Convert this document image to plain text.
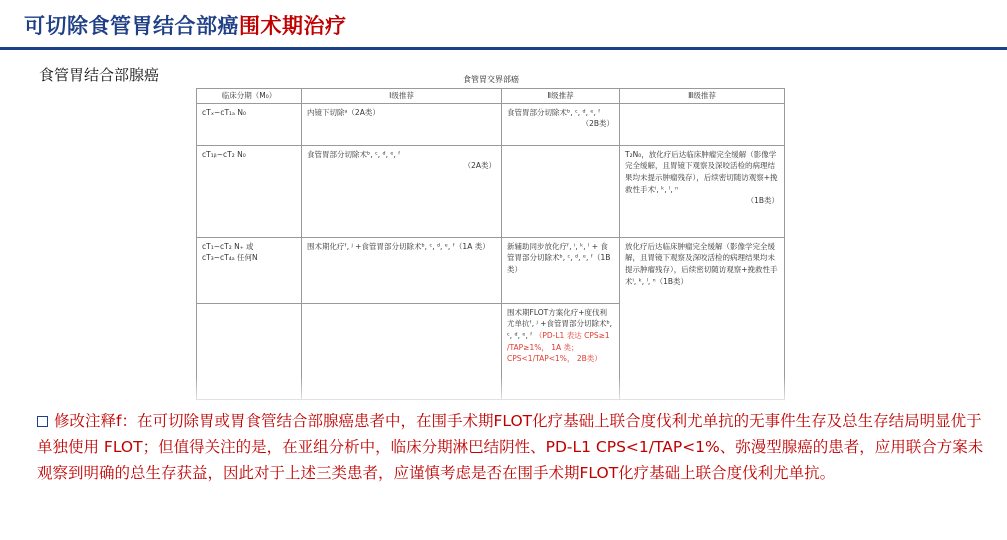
可切除食管胃结合部癌围术期治疗
食管胃结合部腺癌	食管胃交界部癌
临床分期（M₀）	Ⅰ级推荐	Ⅱ级推荐	Ⅲ级推荐
cTₓ~cT₁ₐ N₀	内镜下切除ᵃ（2A类）	食管胃部分切除术ᵇ, ᶜ, ᵈ, ᵉ, ᶠ
（2B类）	

cT₁ᵦ~cT₂ N₀	食管胃部分切除术ᵇ, ᶜ, ᵈ, ᵉ, ᶠ
（2A类）		T₂N₀，放化疗后达临床肿瘤完全缓解（影像学完全缓解，且胃镜下观察及深咬活检的病理结果均未提示肿瘤残存），后续密切随访观察+挽救性手术ⁱ, ᵏ, ˡ, ⁿ
（1B类）

cT₁~cT₂ N₊ 或
cT₃~cT₄ₐ 任何N	围术期化疗ᶠ, ʲ +食管胃部分切除术ᵇ, ᶜ, ᵈ, ᵉ, ᶠ（1A 类）	新辅助同步放化疗ᶠ, ⁱ, ᵏ, ˡ + 食管胃部分切除术ᵇ, ᶜ, ᵈ, ᵉ, ᶠ（1B 类）	放化疗后达临床肿瘤完全缓解（影像学完全缓解，且胃镜下观察及深咬活检的病理结果均未提示肿瘤残存），后续密切随访观察+挽救性手术ⁱ, ᵏ, ˡ, ⁿ（1B类）
		围术期FLOT方案化疗+度伐利尤单抗ᶠ, ʲ +食管胃部分切除术ᵇ, ᶜ, ᵈ, ᵉ, ᶠ （PD-L1 表达 CPS≥1 /TAP≥1%， 1A 类； CPS<1/TAP<1%， 2B类）	
修改注释f：在可切除胃或胃食管结合部腺癌患者中，在围手术期FLOT化疗基础上联合度伐利尤单抗的无事件生存及总生存结局明显优于单独使用 FLOT；但值得关注的是，在亚组分析中，临床分期淋巴结阴性、PD-L1 CPS<1/TAP<1%、弥漫型腺癌的患者，应用联合方案未观察到明确的总生存获益，因此对于上述三类患者，应谨慎考虑是否在围手术期FLOT化疗基础上联合度伐利尤单抗。
